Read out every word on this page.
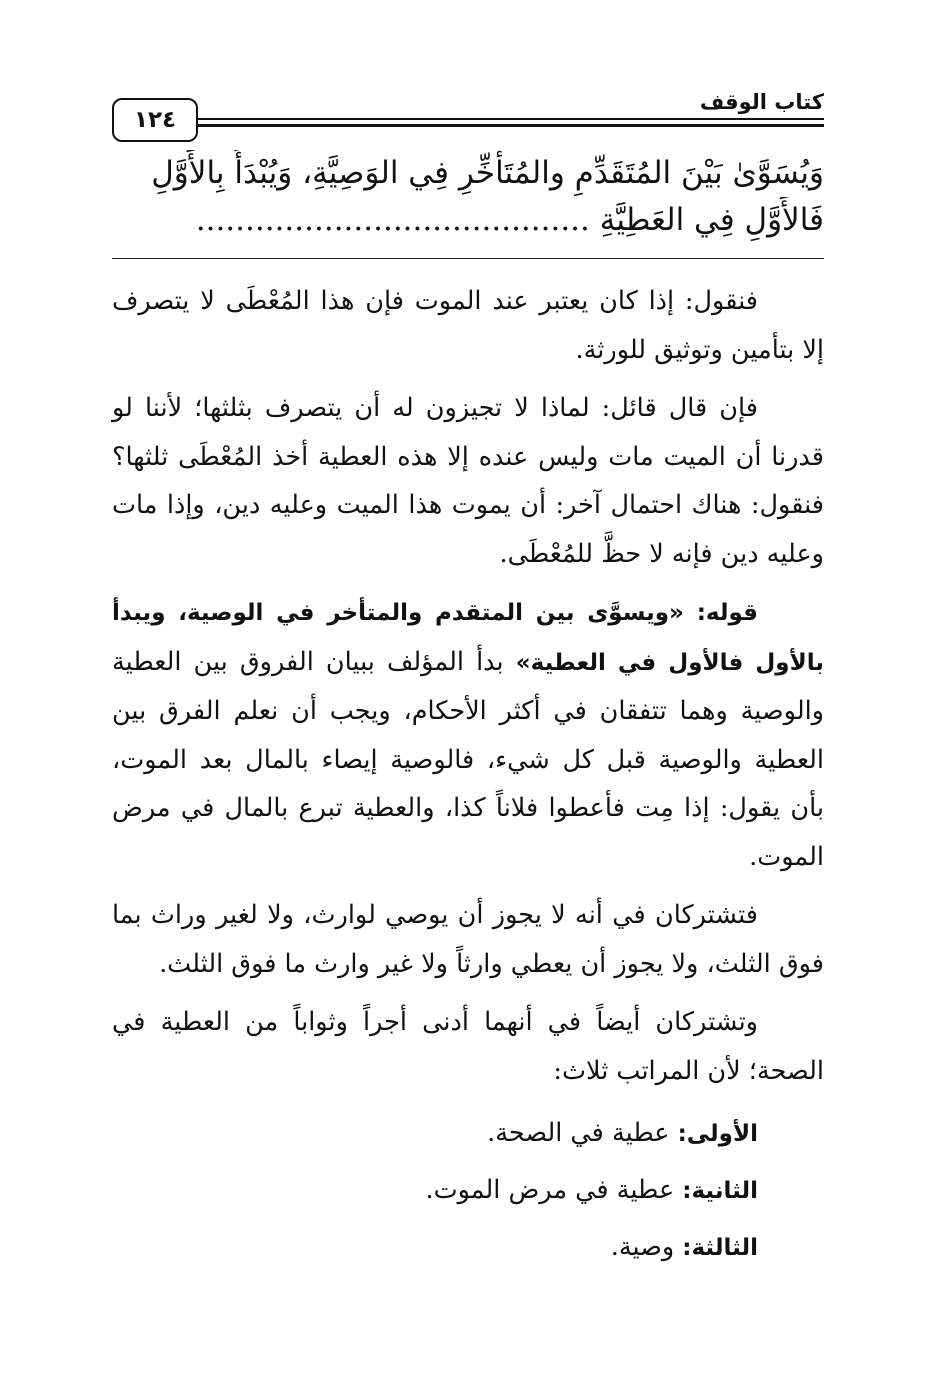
كتاب الوقف
١٢٤
وَيُسَوَّىٰ بَيْنَ المُتَقَدِّمِ والمُتَأَخِّرِ فِي الوَصِيَّةِ، وَيُبْدَأُ بِالأَوَّلِ
فَالأَوَّلِ فِي العَطِيَّةِ ........................................

فنقول: إذا كان يعتبر عند الموت فإن هذا المُعْطَى لا يتصرف إلا بتأمين وتوثيق للورثة.

فإن قال قائل: لماذا لا تجيزون له أن يتصرف بثلثها؛ لأننا لو قدرنا أن الميت مات وليس عنده إلا هذه العطية أخذ المُعْطَى ثلثها؟ فنقول: هناك احتمال آخر: أن يموت هذا الميت وعليه دين، وإذا مات وعليه دين فإنه لا حظَّ للمُعْطَى.

قوله: «ويسوَّى بين المتقدم والمتأخر في الوصية، ويبدأ بالأول فالأول في العطية» بدأ المؤلف ببيان الفروق بين العطية والوصية وهما تتفقان في أكثر الأحكام، ويجب أن نعلم الفرق بين العطية والوصية قبل كل شيء، فالوصية إيصاء بالمال بعد الموت، بأن يقول: إذا مِت فأعطوا فلاناً كذا، والعطية تبرع بالمال في مرض الموت.

فتشتركان في أنه لا يجوز أن يوصي لوارث، ولا لغير وراث بما فوق الثلث، ولا يجوز أن يعطي وارثاً ولا غير وارث ما فوق الثلث.

وتشتركان أيضاً في أنهما أدنى أجراً وثواباً من العطية في الصحة؛ لأن المراتب ثلاث:

الأولى: عطية في الصحة.
الثانية: عطية في مرض الموت.
الثالثة: وصية.
